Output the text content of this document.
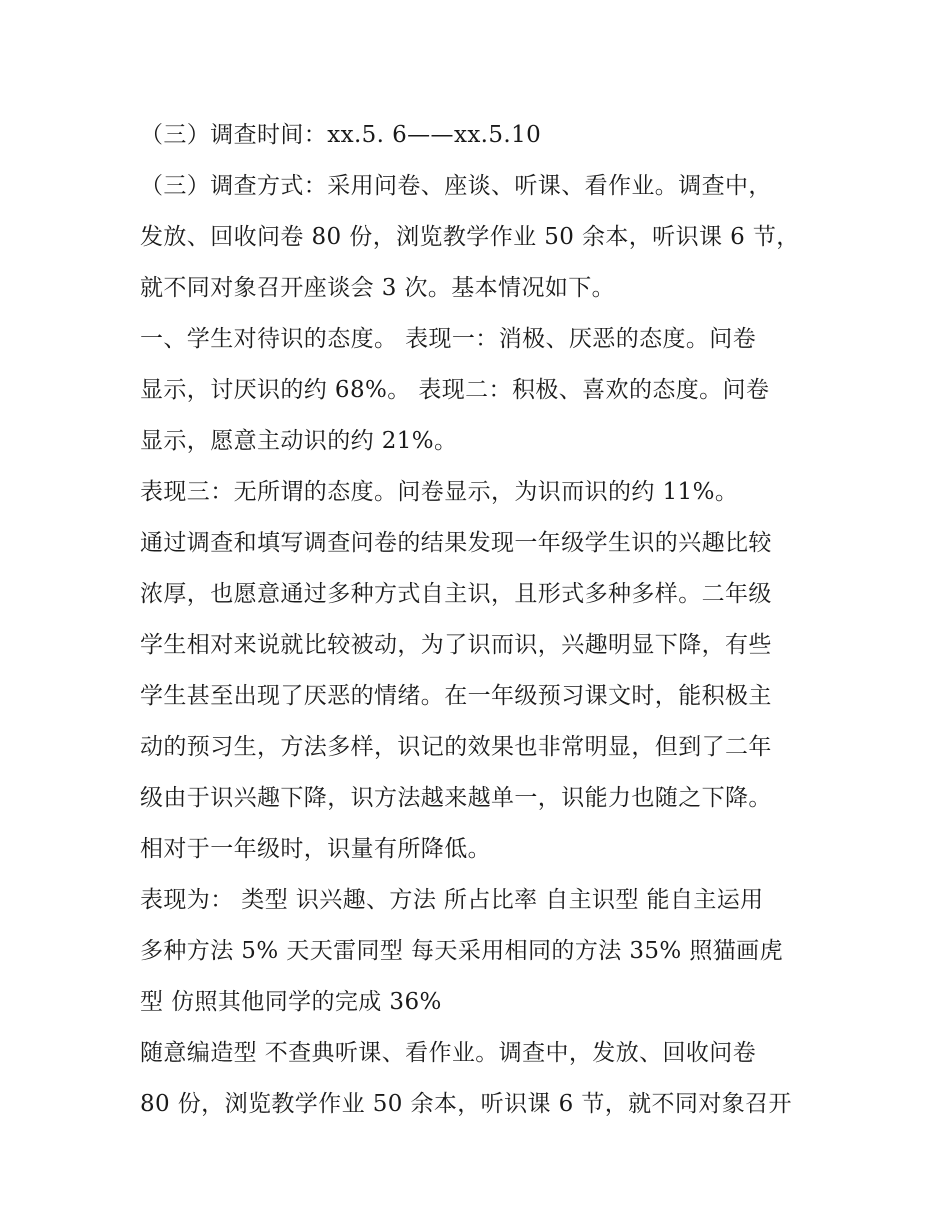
（三）调查时间：xx.5. 6——xx.5.10
（三）调查方式：采用问卷、座谈、听课、看作业。调查中，
发放、回收问卷 80 份，浏览教学作业 50 余本，听识课 6 节，
就不同对象召开座谈会 3 次。基本情况如下。
一、学生对待识的态度。 表现一：消极、厌恶的态度。问卷
显示，讨厌识的约 68%。 表现二：积极、喜欢的态度。问卷
显示，愿意主动识的约 21%。
表现三：无所谓的态度。问卷显示，为识而识的约 11%。
通过调查和填写调查问卷的结果发现一年级学生识的兴趣比较
浓厚，也愿意通过多种方式自主识，且形式多种多样。二年级
学生相对来说就比较被动，为了识而识，兴趣明显下降，有些
学生甚至出现了厌恶的情绪。在一年级预习课文时，能积极主
动的预习生，方法多样，识记的效果也非常明显，但到了二年
级由于识兴趣下降，识方法越来越单一，识能力也随之下降。
相对于一年级时，识量有所降低。
表现为： 类型 识兴趣、方法 所占比率 自主识型 能自主运用
多种方法 5% 天天雷同型 每天采用相同的方法 35% 照猫画虎
型 仿照其他同学的完成 36%
随意编造型 不查典听课、看作业。调查中，发放、回收问卷
80 份，浏览教学作业 50 余本，听识课 6 节，就不同对象召开
